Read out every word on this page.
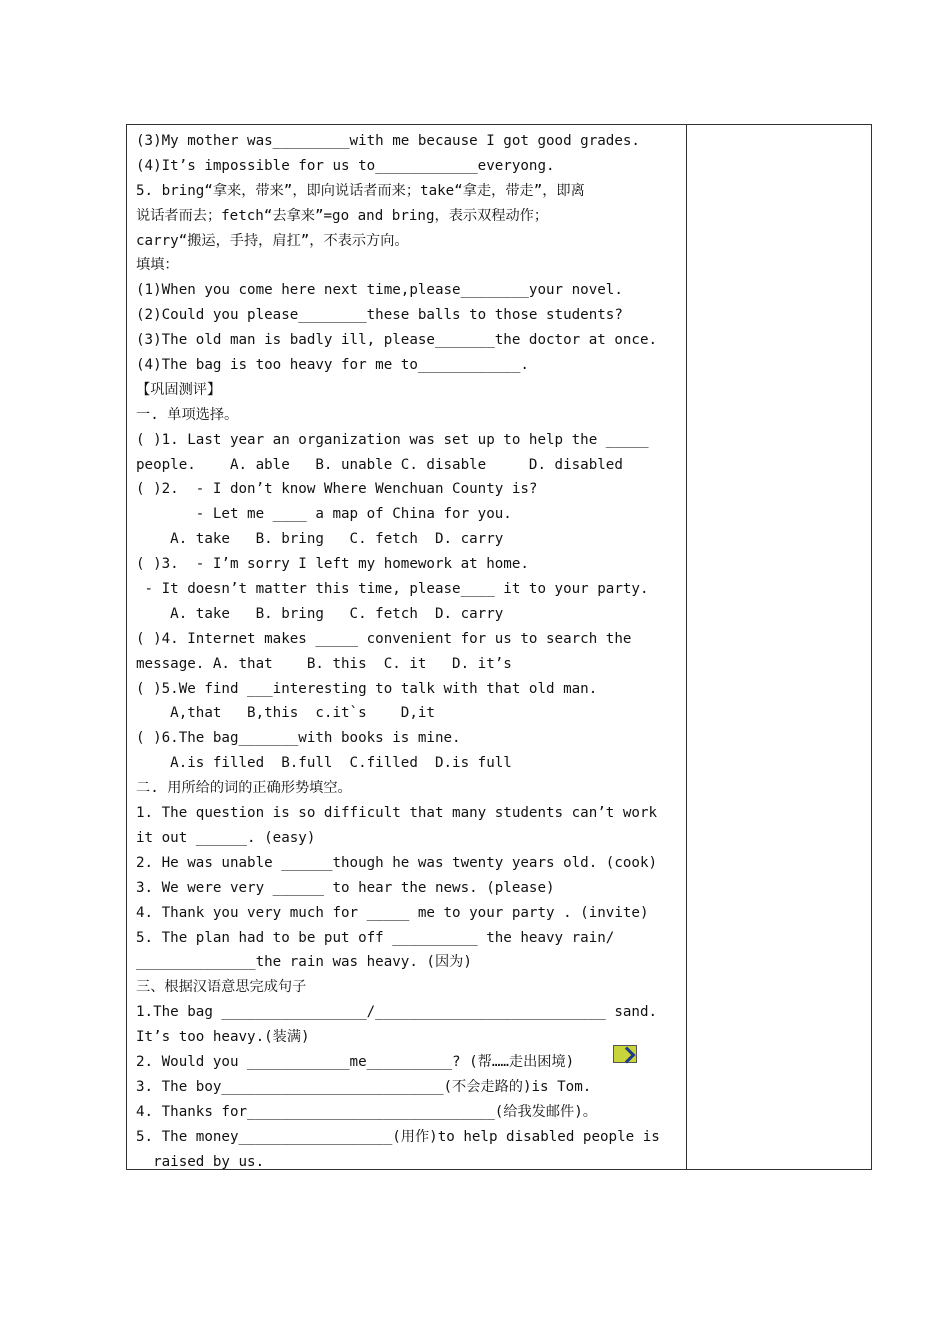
(3)My mother was_________with me because I got good grades.
(4)It’s impossible for us to____________everyong.
5. bring“拿来，带来”，即向说话者而来；take“拿走，带走”，即离
说话者而去；fetch“去拿来”=go and bring，表示双程动作；
carry“搬运，手持，肩扛”，不表示方向。
填填：
(1)When you come here next time,please________your novel.
(2)Could you please________these balls to those students?
(3)The old man is badly ill, please_______the doctor at once.
(4)The bag is too heavy for me to____________.
【巩固测评】
一. 单项选择。
( )1. Last year an organization was set up to help the _____
people.    A. able   B. unable C. disable     D. disabled
( )2.  - I don’t know Where Wenchuan County is?
- Let me ____ a map of China for you.
A. take   B. bring   C. fetch  D. carry
( )3.  - I’m sorry I left my homework at home.
- It doesn’t matter this time, please____ it to your party.
A. take   B. bring   C. fetch  D. carry
( )4. Internet makes _____ convenient for us to search the
message. A. that    B. this  C. it   D. it’s
( )5.We find ___interesting to talk with that old man.
A,that   B,this  c.it`s    D,it
( )6.The bag_______with books is mine.
A.is filled  B.full  C.filled  D.is full
二. 用所给的词的正确形势填空。
1. The question is so difficult that many students can’t work
it out ______. (easy)
2. He was unable ______though he was twenty years old. (cook)
3. We were very ______ to hear the news. (please)
4. Thank you very much for _____ me to your party . (invite)
5. The plan had to be put off __________ the heavy rain/
______________the rain was heavy. (因为)
三、根据汉语意思完成句子
1.The bag _________________/___________________________ sand.
It’s too heavy.(装满)
2. Would you ____________me__________? (帮……走出困境)
3. The boy__________________________(不会走路的)is Tom.
4. Thanks for_____________________________(给我发邮件)。
5. The money__________________(用作)to help disabled people is
raised by us.
